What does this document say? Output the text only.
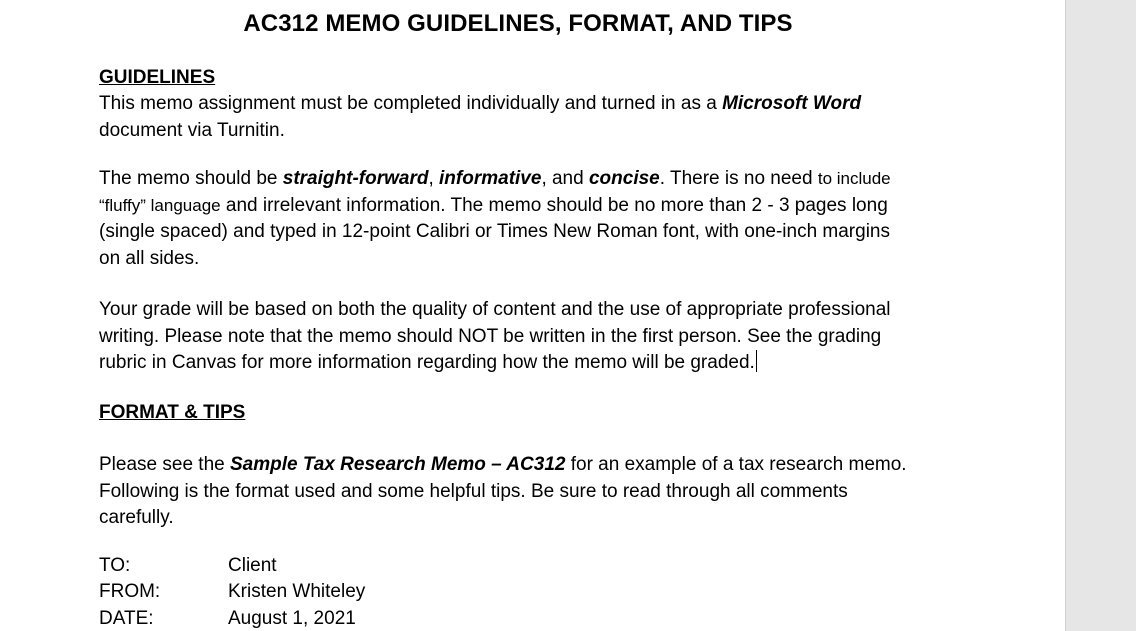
AC312 MEMO GUIDELINES, FORMAT, AND TIPS
GUIDELINES
This memo assignment must be completed individually and turned in as a Microsoft Word
document via Turnitin.
The memo should be straight-forward, informative, and concise. There is no need to include
“fluffy” language and irrelevant information. The memo should be no more than 2 - 3 pages long
(single spaced) and typed in 12-point Calibri or Times New Roman font, with one-inch margins
on all sides.
Your grade will be based on both the quality of content and the use of appropriate professional
writing. Please note that the memo should NOT be written in the first person. See the grading
rubric in Canvas for more information regarding how the memo will be graded.
FORMAT & TIPS
Please see the Sample Tax Research Memo – AC312 for an example of a tax research memo.
Following is the format used and some helpful tips. Be sure to read through all comments
carefully.
TO:	Client
FROM:	Kristen Whiteley
DATE:	August 1, 2021
